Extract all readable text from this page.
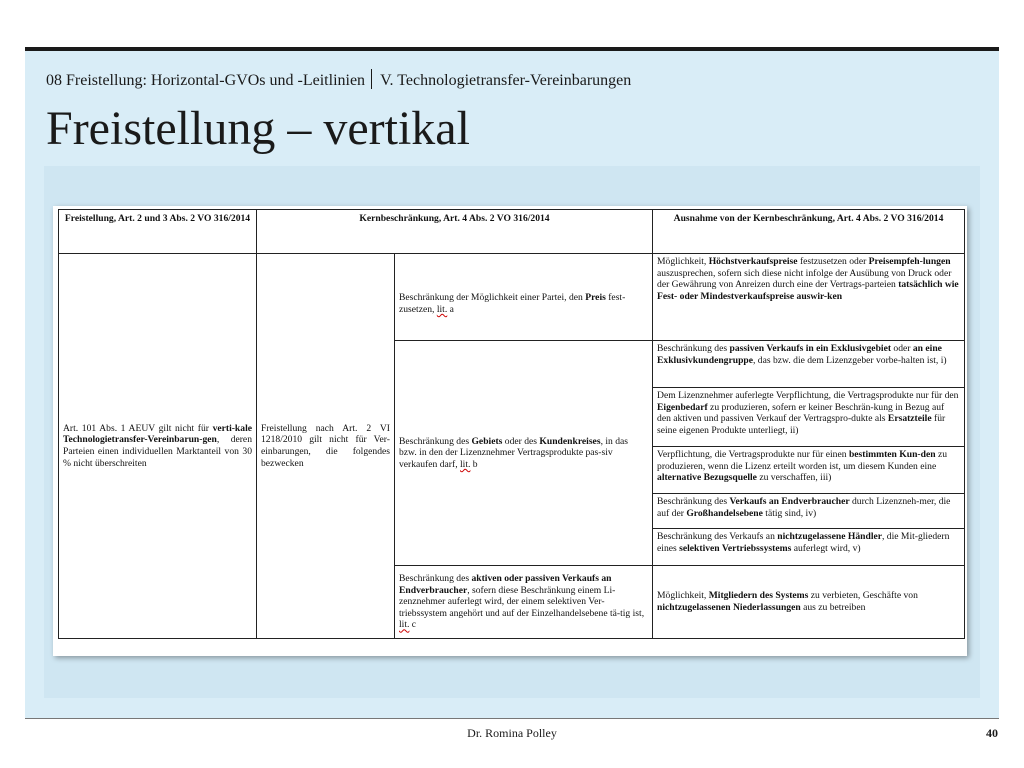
08 Freistellung: Horizontal-GVOs und -Leitlinien V. Technologietransfer-Vereinbarungen
Freistellung – vertikal
Freistellung, Art. 2 und 3 Abs. 2 VO 316/2014	Kernbeschränkung, Art. 4 Abs. 2 VO 316/2014		Ausnahme von der Kernbeschränkung, Art. 4 Abs. 2 VO 316/2014
Art. 101 Abs. 1 AEUV gilt nicht für verti-kale Technologietransfer-Vereinbarun-gen, deren Parteien einen individuellen Marktanteil von 30 % nicht überschreiten	Freistellung nach Art. 2 VI 1218/2010 gilt nicht für Ver-einbarungen, die folgendes bezwecken	Beschränkung der Möglichkeit einer Partei, den Preis fest-zusetzen, lit. a	Möglichkeit, Höchstverkaufspreise festzusetzen oder Preisempfeh-lungen auszusprechen, sofern sich diese nicht infolge der Ausübung von Druck oder der Gewährung von Anreizen durch eine der Vertrags-parteien tatsächlich wie Fest- oder Mindestverkaufspreise auswir-ken
		Beschränkung des Gebiets oder des Kundenkreises, in das bzw. in den der Lizenznehmer Vertragsprodukte pas-siv verkaufen darf, lit. b	Beschränkung des passiven Verkaufs in ein Exklusivgebiet oder an eine Exklusivkundengruppe, das bzw. die dem Lizenzgeber vorbe-halten ist, i)
			Dem Lizenznehmer auferlegte Verpflichtung, die Vertragsprodukte nur für den Eigenbedarf zu produzieren, sofern er keiner Beschrän-kung in Bezug auf den aktiven und passiven Verkauf der Vertragspro-dukte als Ersatzteile für seine eigenen Produkte unterliegt, ii)
			Verpflichtung, die Vertragsprodukte nur für einen bestimmten Kun-den zu produzieren, wenn die Lizenz erteilt worden ist, um diesem Kunden eine alternative Bezugsquelle zu verschaffen, iii)
			Beschränkung des Verkaufs an Endverbraucher durch Lizenzneh-mer, die auf der Großhandelsebene tätig sind, iv)
			Beschränkung des Verkaufs an nichtzugelassene Händler, die Mit-gliedern eines selektiven Vertriebssystems auferlegt wird, v)
		Beschränkung des aktiven oder passiven Verkaufs an Endverbraucher, sofern diese Beschränkung einem Li-zenznehmer auferlegt wird, der einem selektiven Ver-triebssystem angehört und auf der Einzelhandelsebene tä-tig ist, lit. c	Möglichkeit, Mitgliedern des Systems zu verbieten, Geschäfte von nichtzugelassenen Niederlassungen aus zu betreiben
Dr. Romina Polley	40
